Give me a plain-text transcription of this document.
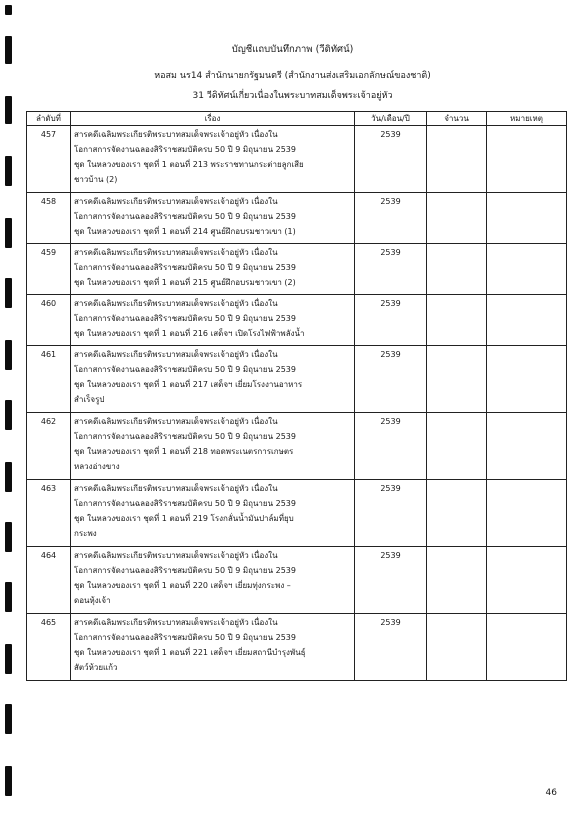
บัญชีแถบบันทึกภาพ (วีดิทัศน์)
หอสม นร14 สำนักนายกรัฐมนตรี (สำนักงานส่งเสริมเอกลักษณ์ของชาติ)
31 วีดิทัศน์เกี่ยวเนื่องในพระบาทสมเด็จพระเจ้าอยู่หัว
ลำดับที่	เรื่อง	วัน/เดือน/ปี	จำนวน	หมายเหตุ
457	สารคดีเฉลิมพระเกียรติพระบาทสมเด็จพระเจ้าอยู่หัว เนื่องใน
โอกาสการจัดงานฉลองสิริราชสมบัติครบ 50 ปี 9 มิถุนายน 2539
ชุด ในหลวงของเรา ชุดที่ 1 ตอนที่ 213 พระราชทานกระต่ายลูกเสีย
ชาวบ้าน (2)	2539		
458	สารคดีเฉลิมพระเกียรติพระบาทสมเด็จพระเจ้าอยู่หัว เนื่องใน
โอกาสการจัดงานฉลองสิริราชสมบัติครบ 50 ปี 9 มิถุนายน 2539
ชุด ในหลวงของเรา ชุดที่ 1 ตอนที่ 214 ศูนย์ฝึกอบรมชาวเขา (1)	2539		
459	สารคดีเฉลิมพระเกียรติพระบาทสมเด็จพระเจ้าอยู่หัว เนื่องใน
โอกาสการจัดงานฉลองสิริราชสมบัติครบ 50 ปี 9 มิถุนายน 2539
ชุด ในหลวงของเรา ชุดที่ 1 ตอนที่ 215 ศูนย์ฝึกอบรมชาวเขา (2)	2539		
460	สารคดีเฉลิมพระเกียรติพระบาทสมเด็จพระเจ้าอยู่หัว เนื่องใน
โอกาสการจัดงานฉลองสิริราชสมบัติครบ 50 ปี 9 มิถุนายน 2539
ชุด ในหลวงของเรา ชุดที่ 1 ตอนที่ 216 เสด็จฯ เปิดโรงไฟฟ้าพลังน้ำ	2539		
461	สารคดีเฉลิมพระเกียรติพระบาทสมเด็จพระเจ้าอยู่หัว เนื่องใน
โอกาสการจัดงานฉลองสิริราชสมบัติครบ 50 ปี 9 มิถุนายน 2539
ชุด ในหลวงของเรา ชุดที่ 1 ตอนที่ 217 เสด็จฯ เยี่ยมโรงงานอาหาร
สำเร็จรูป	2539		
462	สารคดีเฉลิมพระเกียรติพระบาทสมเด็จพระเจ้าอยู่หัว เนื่องใน
โอกาสการจัดงานฉลองสิริราชสมบัติครบ 50 ปี 9 มิถุนายน 2539
ชุด ในหลวงของเรา ชุดที่ 1 ตอนที่ 218 ทอดพระเนตรการเกษตร
หลวงอ่างขาง	2539		
463	สารคดีเฉลิมพระเกียรติพระบาทสมเด็จพระเจ้าอยู่หัว เนื่องใน
โอกาสการจัดงานฉลองสิริราชสมบัติครบ 50 ปี 9 มิถุนายน 2539
ชุด ในหลวงของเรา ชุดที่ 1 ตอนที่ 219 โรงกลั่นน้ำมันปาล์มที่ยุบ
กระพง	2539		
464	สารคดีเฉลิมพระเกียรติพระบาทสมเด็จพระเจ้าอยู่หัว เนื่องใน
โอกาสการจัดงานฉลองสิริราชสมบัติครบ 50 ปี 9 มิถุนายน 2539
ชุด ในหลวงของเรา ชุดที่ 1 ตอนที่ 220 เสด็จฯ เยี่ยมทุ่งกระพง –
ดอนหุ้งเจ้า	2539		
465	สารคดีเฉลิมพระเกียรติพระบาทสมเด็จพระเจ้าอยู่หัว เนื่องใน
โอกาสการจัดงานฉลองสิริราชสมบัติครบ 50 ปี 9 มิถุนายน 2539
ชุด ในหลวงของเรา ชุดที่ 1 ตอนที่ 221 เสด็จฯ เยี่ยมสถานีบำรุงพันธุ์
สัตว์ห้วยแก้ว	2539		
46
